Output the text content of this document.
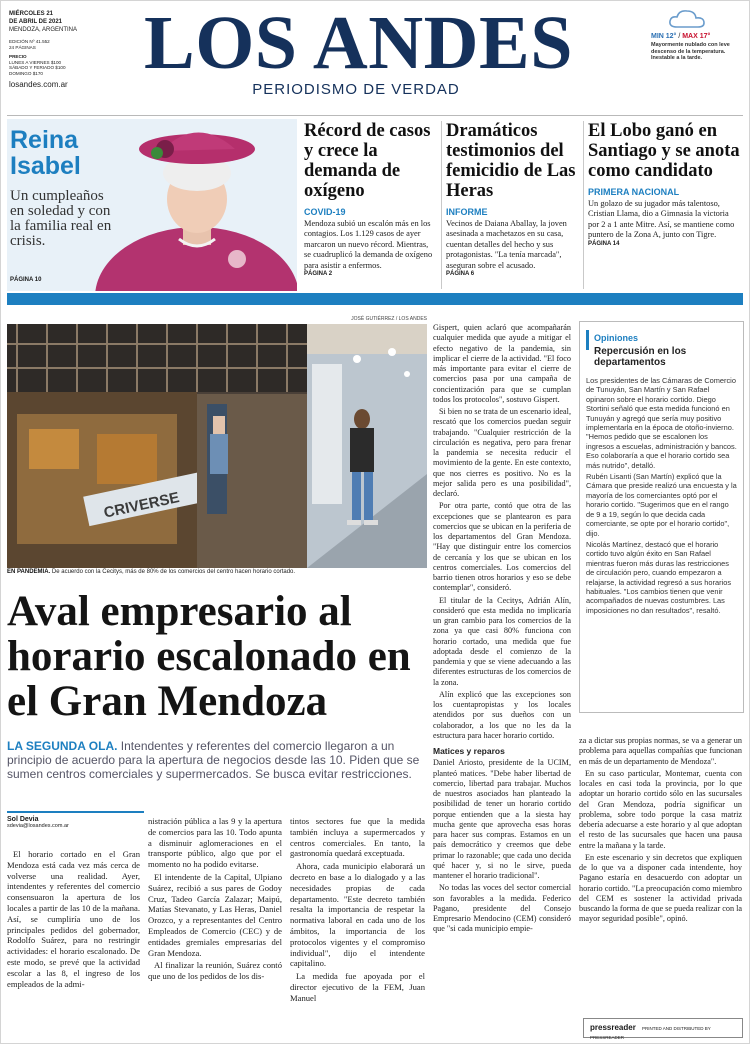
MIÉRCOLES 21
DE ABRIL DE 2021
MENDOZA, ARGENTINA
EDICIÓN Nº 41.552
24 PÁGINAS
PRECIO
LUNES A VIERNES $100
SÁBADO Y FERIADO $100
DOMINGO $170
losandes.com.ar	LOS ANDES
PERIODISMO DE VERDAD
MIN 12° / MAX 17°
Mayormente nublado con leve descenso de la temperatura. Inestable a la tarde.
Reina
Isabel
Un cumpleaños en soledad y con la familia real en crisis.
PÁGINA 10
Récord de casos y crece la demanda de oxígeno
COVID-19

Mendoza subió un escalón más en los contagios. Los 1.129 casos de ayer marcaron un nuevo récord. Mientras, se cuadruplicó la demanda de oxígeno para asistir a enfermos.

PÁGINA 2
Dramáticos testimonios del femicidio de Las Heras
INFORME

Vecinos de Daiana Aballay, la joven asesinada a machetazos en su casa, cuentan detalles del hecho y sus protagonistas. "La tenía marcada", aseguran sobre el acusado.

PÁGINA 6
El Lobo ganó en Santiago y se anota como candidato
PRIMERA NACIONAL

Un golazo de su jugador más talentoso, Cristian Llama, dio a Gimnasia la victoria por 2 a 1 ante Mitre. Así, se mantiene como puntero de la Zona A, junto con Tigre.

PÁGINA 14
JOSÉ GUTIÉRREZ / LOS ANDES
CRIVERSE
EN PANDEMIA. De acuerdo con la Cecitys, más de 80% de los comercios del centro hacen horario cortado.
Aval empresario al horario escalonado en el Gran Mendoza
LA SEGUNDA OLA. Intendentes y referentes del comercio llegaron a un principio de acuerdo para la apertura de negocios desde las 10. Piden que se sumen centros comerciales y supermercados. Se busca evitar restricciones.
Sol Devia
sdevia@losandes.com.ar

El horario cortado en el Gran Mendoza está cada vez más cerca de volverse una realidad. Ayer, intendentes y referentes del comercio consensuaron la apertura de los locales a partir de las 10 de la mañana. Así, se cumpliría uno de los principales pedidos del gobernador, Rodolfo Suárez, para no restringir actividades: el horario escalonado. De este modo, se prevé que la actividad escolar a las 8, el ingreso de los empleados de la admi-

nistración pública a las 9 y la apertura de comercios para las 10. Todo apunta a disminuir aglomeraciones en el transporte público, algo que por el momento no ha podido evitarse.

El intendente de la Capital, Ulpiano Suárez, recibió a sus pares de Godoy Cruz, Tadeo García Zalazar; Maipú, Matías Stevanato, y Las Heras, Daniel Orozco, y a representantes del Centro Empleados de Comercio (CEC) y de entidades gremiales empresarias del Gran Mendoza.

Al finalizar la reunión, Suárez contó que uno de los pedidos de los dis-

tintos sectores fue que la medida también incluya a supermercados y centros comerciales. En tanto, la gastronomía quedará exceptuada.

Ahora, cada municipio elaborará un decreto en base a lo dialogado y a las necesidades propias de cada departamento. "Este decreto también resalta la importancia de respetar la normativa laboral en cada uno de los ámbitos, la importancia de los protocolos vigentes y el compromiso individual", dijo el intendente capitalino.

La medida fue apoyada por el director ejecutivo de la FEM, Juan Manuel

Gispert, quien aclaró que acompañarán cualquier medida que ayude a mitigar el efecto negativo de la pandemia, sin implicar el cierre de la actividad. "El foco más importante para evitar el cierre de comercios pasa por una campaña de concientización para que se cumplan todos los protocolos", sostuvo Gispert.

Si bien no se trata de un escenario ideal, rescató que los comercios puedan seguir trabajando. "Cualquier restricción de la circulación es negativa, pero para frenar la pandemia se necesita reducir el movimiento de la gente. En este contexto, que nos cierres es positivo. No es la mejor salida pero es una posibilidad", declaró.

Por otra parte, contó que otra de las excepciones que se plantearon es para comercios que se ubican en la periferia de los departamentos del Gran Mendoza. "Hay que distinguir entre los comercios de cercanía y los que se ubican en los centros comerciales. Los comercios del barrio tienen otros horarios y eso se debe contemplar", consideró.

El titular de la Cecitys, Adrián Alín, consideró que esta medida no implicaría un gran cambio para los comercios de la zona ya que casi 80% funciona con horario cortado, una medida que fue adoptada desde el comienzo de la pandemia y que se viene adecuando a las diferentes estructuras de los comercios de la zona.

Alín explicó que las excepciones son los cuentapropistas y los locales atendidos por sus dueños con un colaborador, a los que no les da la estructura para hacer horario cortido.

Matices y reparos

Daniel Ariosto, presidente de la UCIM, planteó matices. "Debe haber libertad de comercio, libertad para trabajar. Muchos de nuestros asociados han planteado la posibilidad de tener un horario cortido porque entienden que a la siesta hay mucha gente que aprovecha esas horas para hacer sus compras. Estamos en un país democrático y creemos que debe primar lo razonable; que cada uno decida qué hacer y, si no le sirve, pueda mantener el horario tradicional".

No todas las voces del sector comercial son favorables a la medida. Federico Pagano, presidente del Consejo Empresario Mendocino (CEM) consideró que "si cada municipio empie-

za a dictar sus propias normas, se va a generar un problema para aquellas compañías que funcionan en más de un departamento de Mendoza".

En su caso particular, Montemar, cuenta con locales en casi toda la provincia, por lo que adoptar un horario cortido sólo en las sucursales del Gran Mendoza, podría significar un problema, sobre todo porque la casa matriz debería adecuarse a este horario y al que adoptan el resto de las sucursales que hacen una pausa entre la mañana y la tarde.

En este escenario y sin decretos que expliquen de lo que va a disponer cada intendente, hoy Pagano estaría en desacuerdo con adoptar un horario cortido. "La preocupación como miembro del CEM es sostener la actividad privada buscando la forma de que se pueda realizar con la mayor seguridad posible", opinó.

Opiniones
Repercusión en los departamentos

Los presidentes de las Cámaras de Comercio de Tunuyán, San Martín y San Rafael opinaron sobre el horario cortido. Diego Stortini señaló que esta medida funcionó en Tunuyán y agregó que sería muy positivo implementarla en la época de otoño-invierno. "Hemos pedido que se escalonen los ingresos a escuelas, administración y bancos. Eso colaboraría a que el horario cortido sea más nutrido", detalló.

Rubén Lisanti (San Martín) explicó que la Cámara que preside realizó una encuesta y la mayoría de los comerciantes optó por el horario cortido. "Sugerimos que en el rango de 9 a 19, según lo que decida cada comerciante, se opte por el horario cortido", dijo.

Nicolás Martínez, destacó que el horario cortido tuvo algún éxito en San Rafael mientras fueron más duras las restricciones de circulación pero, cuando empezaron a relajarse, la actividad regresó a sus horarios habituales. "Los cambios tienen que venir acompañados de nuevas costumbres. Las imposiciones no dan resultados", resaltó.

pressreader PRINTED AND DISTRIBUTED BY PRESSREADER
